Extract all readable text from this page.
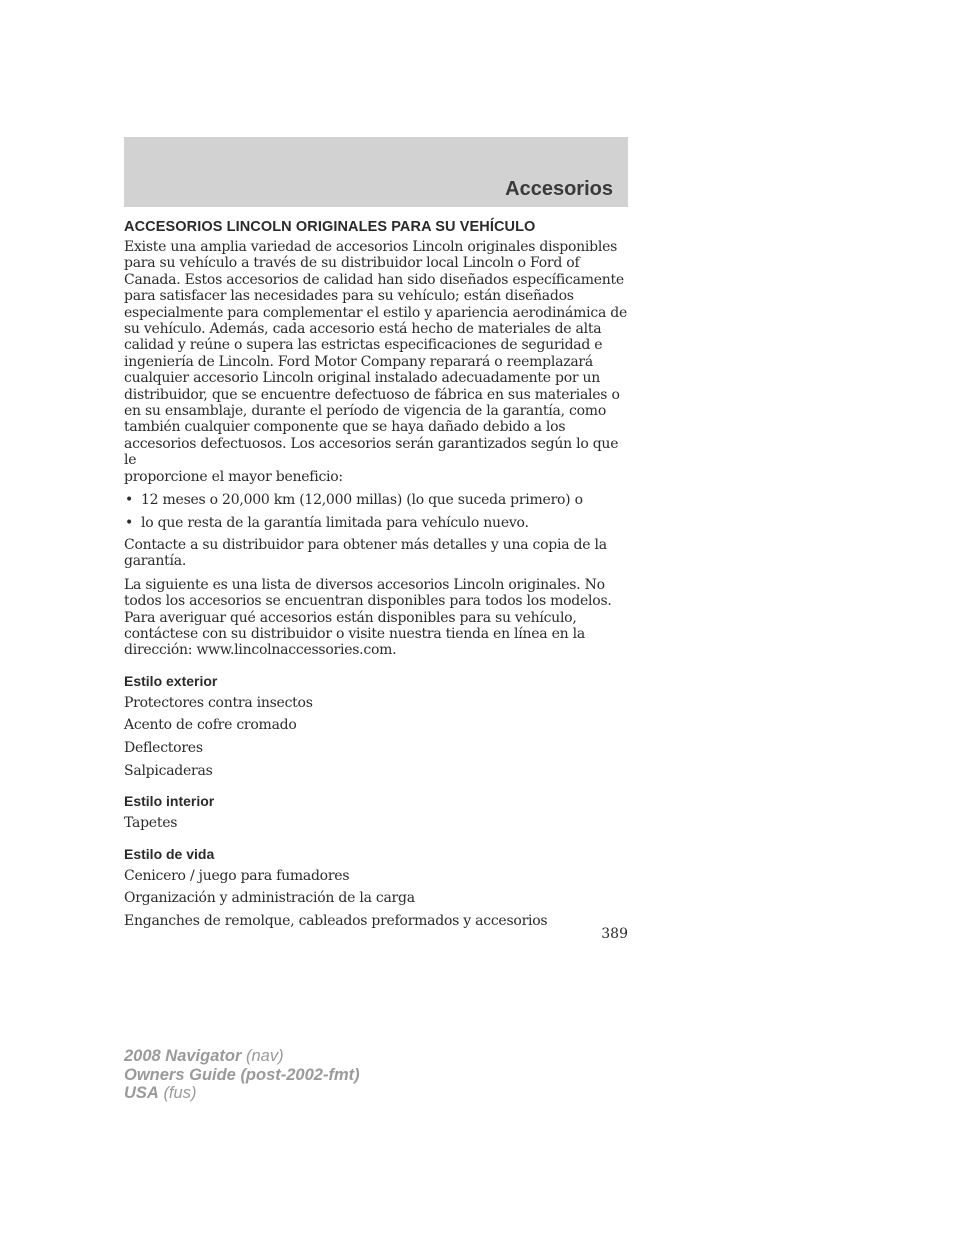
Accesorios
ACCESORIOS LINCOLN ORIGINALES PARA SU VEHÍCULO
Existe una amplia variedad de accesorios Lincoln originales disponibles
para su vehículo a través de su distribuidor local Lincoln o Ford of
Canada. Estos accesorios de calidad han sido diseñados específicamente
para satisfacer las necesidades para su vehículo; están diseñados
especialmente para complementar el estilo y apariencia aerodinámica de
su vehículo. Además, cada accesorio está hecho de materiales de alta
calidad y reúne o supera las estrictas especificaciones de seguridad e
ingeniería de Lincoln. Ford Motor Company reparará o reemplazará
cualquier accesorio Lincoln original instalado adecuadamente por un
distribuidor, que se encuentre defectuoso de fábrica en sus materiales o
en su ensamblaje, durante el período de vigencia de la garantía, como
también cualquier componente que se haya dañado debido a los
accesorios defectuosos. Los accesorios serán garantizados según lo que le
proporcione el mayor beneficio:
• 12 meses o 20,000 km (12,000 millas) (lo que suceda primero) o
• lo que resta de la garantía limitada para vehículo nuevo.
Contacte a su distribuidor para obtener más detalles y una copia de la
garantía.
La siguiente es una lista de diversos accesorios Lincoln originales. No
todos los accesorios se encuentran disponibles para todos los modelos.
Para averiguar qué accesorios están disponibles para su vehículo,
contáctese con su distribuidor o visite nuestra tienda en línea en la
dirección: www.lincolnaccessories.com.
Estilo exterior
Protectores contra insectos
Acento de cofre cromado
Deflectores
Salpicaderas
Estilo interior
Tapetes
Estilo de vida
Cenicero / juego para fumadores
Organización y administración de la carga
Enganches de remolque, cableados preformados y accesorios
389
2008 Navigator (nav)
Owners Guide (post-2002-fmt)
USA (fus)
